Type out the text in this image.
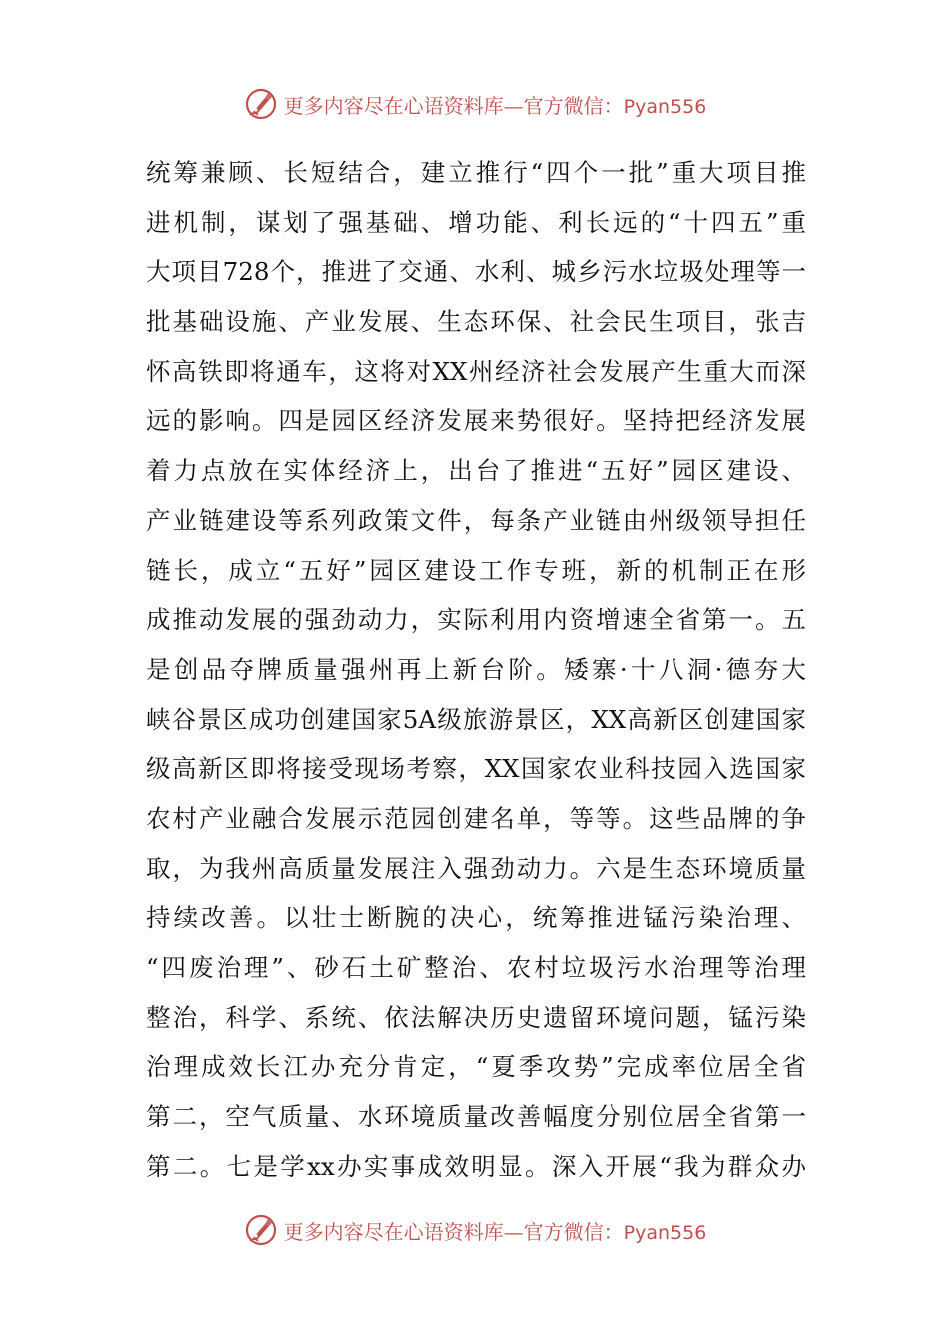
更多内容尽在心语资料库—官方微信：Pyan556
统筹兼顾、长短结合，建立推行“四个一批”重大项目推
进机制，谋划了强基础、增功能、利长远的“十四五”重
大项目728个，推进了交通、水利、城乡污水垃圾处理等一
批基础设施、产业发展、生态环保、社会民生项目，张吉
怀高铁即将通车，这将对XX州经济社会发展产生重大而深
远的影响。四是园区经济发展来势很好。坚持把经济发展
着力点放在实体经济上，出台了推进“五好”园区建设、
产业链建设等系列政策文件，每条产业链由州级领导担任
链长，成立“五好”园区建设工作专班，新的机制正在形
成推动发展的强劲动力，实际利用内资增速全省第一。五
是创品夺牌质量强州再上新台阶。矮寨·十八洞·德夯大
峡谷景区成功创建国家5A级旅游景区，XX高新区创建国家
级高新区即将接受现场考察，XX国家农业科技园入选国家
农村产业融合发展示范园创建名单，等等。这些品牌的争
取，为我州高质量发展注入强劲动力。六是生态环境质量
持续改善。以壮士断腕的决心，统筹推进锰污染治理、
“四废治理”、砂石土矿整治、农村垃圾污水治理等治理
整治，科学、系统、依法解决历史遗留环境问题，锰污染
治理成效长江办充分肯定，“夏季攻势”完成率位居全省
第二，空气质量、水环境质量改善幅度分别位居全省第一
第二。七是学xx办实事成效明显。深入开展“我为群众办
更多内容尽在心语资料库—官方微信：Pyan556
